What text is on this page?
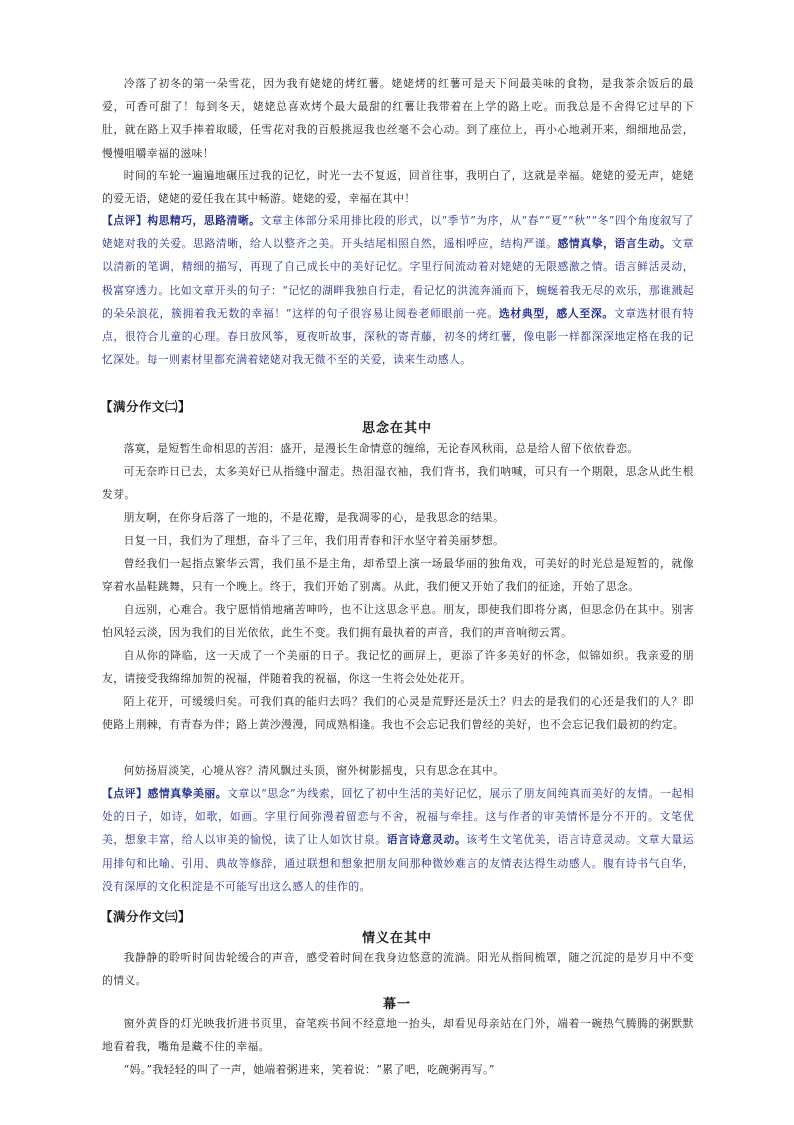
冷落了初冬的第一朵雪花，因为我有姥姥的烤红薯。姥姥烤的红薯可是天下间最美味的食物，是我茶余饭后的最爱，可香可甜了！每到冬天，姥姥总喜欢烤个最大最甜的红薯让我带着在上学的路上吃。而我总是不舍得它过早的下肚，就在路上双手捧着取暖，任雪花对我的百般挑逗我也丝毫不会心动。到了座位上，再小心地剥开来，细细地品尝，慢慢咀嚼幸福的滋味！

时间的车轮一遍遍地碾压过我的记忆，时光一去不复返，回首往事，我明白了，这就是幸福。姥姥的爱无声，姥姥的爱无语，姥姥的爱任我在其中畅游。姥姥的爱，幸福在其中！

【点评】构思精巧，思路清晰。文章主体部分采用排比段的形式，以“季节”为序，从“春”“夏”“秋”“冬”四个角度叙写了姥姥对我的关爱。思路清晰，给人以整齐之美。开头结尾相照自然，遥相呼应，结构严谨。感情真挚，语言生动。文章以清新的笔调，精细的描写，再现了自己成长中的美好记忆。字里行间流动着对姥姥的无限感激之情。语言鲜活灵动，极富穿透力。比如文章开头的句子：“记忆的湖畔我独自行走，看记忆的洪流奔涌而下，蜿蜒着我无尽的欢乐，那谁溅起的朵朵浪花，簇拥着我无数的幸福！”这样的句子很容易让阅卷老师眼前一亮。选材典型，感人至深。文章选材很有特点，很符合儿童的心理。春日放风筝，夏夜听故事，深秋的寄青藤，初冬的烤红薯，像电影一样都深深地定格在我的记忆深处。每一则素材里都充满着姥姥对我无微不至的关爱，读来生动感人。

【满分作文㈡】
思念在其中

落寞，是短暂生命相思的苦泪：盛开，是漫长生命情意的缠绵，无论春风秋雨，总是给人留下依依眷恋。

可无奈昨日已去，太多美好已从指缝中溜走。热泪湿衣袖，我们背书，我们呐喊，可只有一个期限，思念从此生根发芽。

朋友啊，在你身后落了一地的，不是花瓣，是我凋零的心，是我思念的结果。

日复一日，我们为了理想，奋斗了三年，我们用青春和汗水坚守着美丽梦想。

曾经我们一起指点繁华云霄，我们虽不是主角，却希望上演一场最华丽的独角戏，可美好的时光总是短暂的，就像穿着水晶鞋跳舞，只有一个晚上。终于，我们开始了别离。从此，我们便又开始了我们的征途，开始了思念。

自远别，心难合。我宁愿悄悄地痛苦呻吟，也不让这思念平息。朋友，即使我们即将分离，但思念仍在其中。别害怕风轻云淡，因为我们的目光依依，此生不变。我们拥有最执着的声音，我们的声音响彻云霄。

自从你的降临，这一天成了一个美丽的日子。我记忆的画屏上，更添了许多美好的怀念，似锦如织。我亲爱的朋友，请接受我绵绵加贺的祝福，伴随着我的祝福，你这一生将会处处花开。

陌上花开，可缓缓归矣。可我们真的能归去吗？我们的心灵是荒野还是沃土？归去的是我们的心还是我们的人？即使路上荆棘，有青春为伴；路上黄沙漫漫，同成熟相逢。我也不会忘记我们曾经的美好，也不会忘记我们最初的约定。

何妨扬眉淡笑，心境从容？清风飘过头顶，窗外树影摇曳，只有思念在其中。

【点评】感情真挚美丽。文章以“思念”为线索，回忆了初中生活的美好记忆，展示了朋友间纯真而美好的友情。一起相处的日子，如诗，如歌，如画。字里行间弥漫着留恋与不舍，祝福与牵挂。这与作者的审美情怀是分不开的。文笔优美，想象丰富，给人以审美的愉悦，读了让人如饮甘泉。语言诗意灵动。该考生文笔优美，语言诗意灵动。文章大量运用排句和比喻、引用、典故等修辞，通过联想和想象把朋友间那种微妙难言的友情表达得生动感人。腹有诗书气自华，没有深厚的文化积淀是不可能写出这么感人的佳作的。

【满分作文㈢】
情义在其中

我静静的聆听时间齿轮缓合的声音，感受着时间在我身边悠意的流淌。阳光从指间梳罩，随之沉淀的是岁月中不变的情义。

幕一

窗外黄昏的灯光映我折进书页里，奋笔疾书间不经意地一抬头，却看见母亲站在门外，端着一碗热气腾腾的粥默默地看着我，嘴角是藏不住的幸福。

“妈。”我轻轻的叫了一声，她端着粥进来，笑着说：“累了吧，吃碗粥再写。”
